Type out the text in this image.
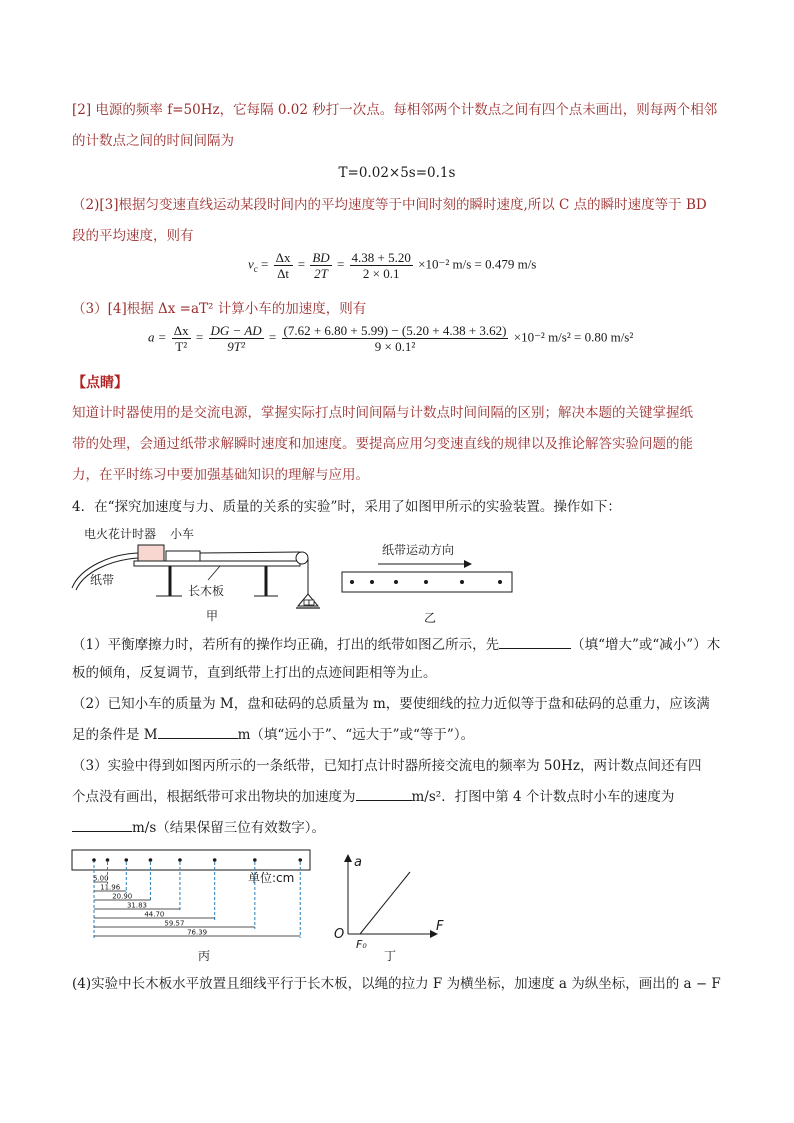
[2] 电源的频率 f=50Hz，它每隔 0.02 秒打一次点。每相邻两个计数点之间有四个点未画出，则每两个相邻
的计数点之间的时间间隔为
T=0.02×5s=0.1s
（2)[3]根据匀变速直线运动某段时间内的平均速度等于中间时刻的瞬时速度,所以 C 点的瞬时速度等于 BD
段的平均速度，则有
$v_c = \frac{\Delta x}{\Delta t} = \frac{BD}{2T} = \frac{4.38 + 5.20}{2 \times 0.1} \times 10^{-2}$ m/s = 0.479 m/s
（3）[4]根据 Δx =aT² 计算小车的加速度，则有
$a = \frac{\Delta x}{\text{T²}} = \frac{DG - AD}{\text{9T²}} = \frac{(7.62 + 6.80 + 5.99) - (5.20 + 4.38 + 3.62)}{\text{9 × 0.1²}} \times 10^{-2}$ m/s² = 0.80 m/s²
【点睛】
知道计时器使用的是交流电源，掌握实际打点时间间隔与计数点时间间隔的区别；解决本题的关键掌握纸
带的处理，会通过纸带求解瞬时速度和加速度。要提高应用匀变速直线的规律以及推论解答实验问题的能
力，在平时练习中要加强基础知识的理解与应用。
4．在“探究加速度与力、质量的关系的实验”时，采用了如图甲所示的实验装置。操作如下：
电火花计时器 小车
纸带
长木板
甲
纸带运动方向
乙
（1）平衡摩擦力时，若所有的操作均正确，打出的纸带如图乙所示，先	（填“增大”或“减小”）木
板的倾角，反复调节，直到纸带上打出的点迹间距相等为止。
（2）已知小车的质量为 M，盘和砝码的总质量为 m，要使细线的拉力近似等于盘和砝码的总重力，应该满
足的条件是 M	m（填“远小于”、“远大于”或“等于”）。
（3）实验中得到如图丙所示的一条纸带，已知打点计时器所接交流电的频率为 50Hz，两计数点间还有四
个点没有画出，根据纸带可求出物块的加速度为	m/s²．打图中第 4 个计数点时小车的速度为
m/s（结果保留三位有效数字）。
5.00
11.96
20.90
31.83
44.70
59.57
76.39
单位:cm
丙
a
F
O
F₀
丁
(4)实验中长木板水平放置且细线平行于长木板，以绳的拉力 F 为横坐标，加速度 a 为纵坐标，画出的 a − F
